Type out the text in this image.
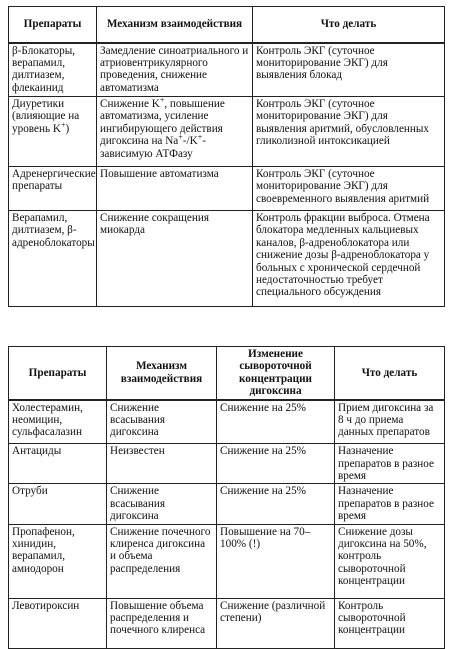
Препараты	Механизм взаимодействия	Что делать
β-Блокаторы, верапамил, дилтиазем, флекаинид	Замедление синоатриального и атриовентрикулярного проведения, снижение автоматизма	Контроль ЭКГ (суточное мониторирование ЭКГ) для выявления блокад
Диуретики (влияющие на уровень K+)	Снижение K+, повышение автоматизма, усиление ингибирующего действия дигоксина на Na+-/K+-зависимую АТФазу	Контроль ЭКГ (суточное мониторирование ЭКГ) для выявления аритмий, обусловленных гликолизной интоксикацией
Адренергические препараты	Повышение автоматизма	Контроль ЭКГ (суточное мониторирование ЭКГ) для своевременного выявления аритмий
Верапамил, дилтиазем, β-адреноблокаторы	Снижение сокращения миокарда	Контроль фракции выброса. Отмена блокатора медленных кальциевых каналов, β-адреноблокатора или снижение дозы β-адреноблокатора у больных с хронической сердечной недостаточностью требует специального обсуждения
Препараты	Механизм взаимодействия	Изменение сывороточной концентрации дигоксина	Что делать
Холестерамин, неомицин, сульфасалазин	Снижение всасывания дигоксина	Снижение на 25%	Прием дигоксина за 8 ч до приема данных препаратов
Антациды	Неизвестен	Снижение на 25%	Назначение препаратов в разное время
Отруби	Снижение всасывания дигоксина	Снижение на 25%	Назначение препаратов в разное время
Пропафенон, хинидин, верапамил, амиодорон	Снижение почечного клиренса дигоксина и объема распределения	Повышение на 70–100% (!)	Снижение дозы дигоксина на 50%, контроль сывороточной концентрации
Левотироксин	Повышение объема распределения и почечного клиренса	Снижение (различной степени)	Контроль сывороточной концентрации
